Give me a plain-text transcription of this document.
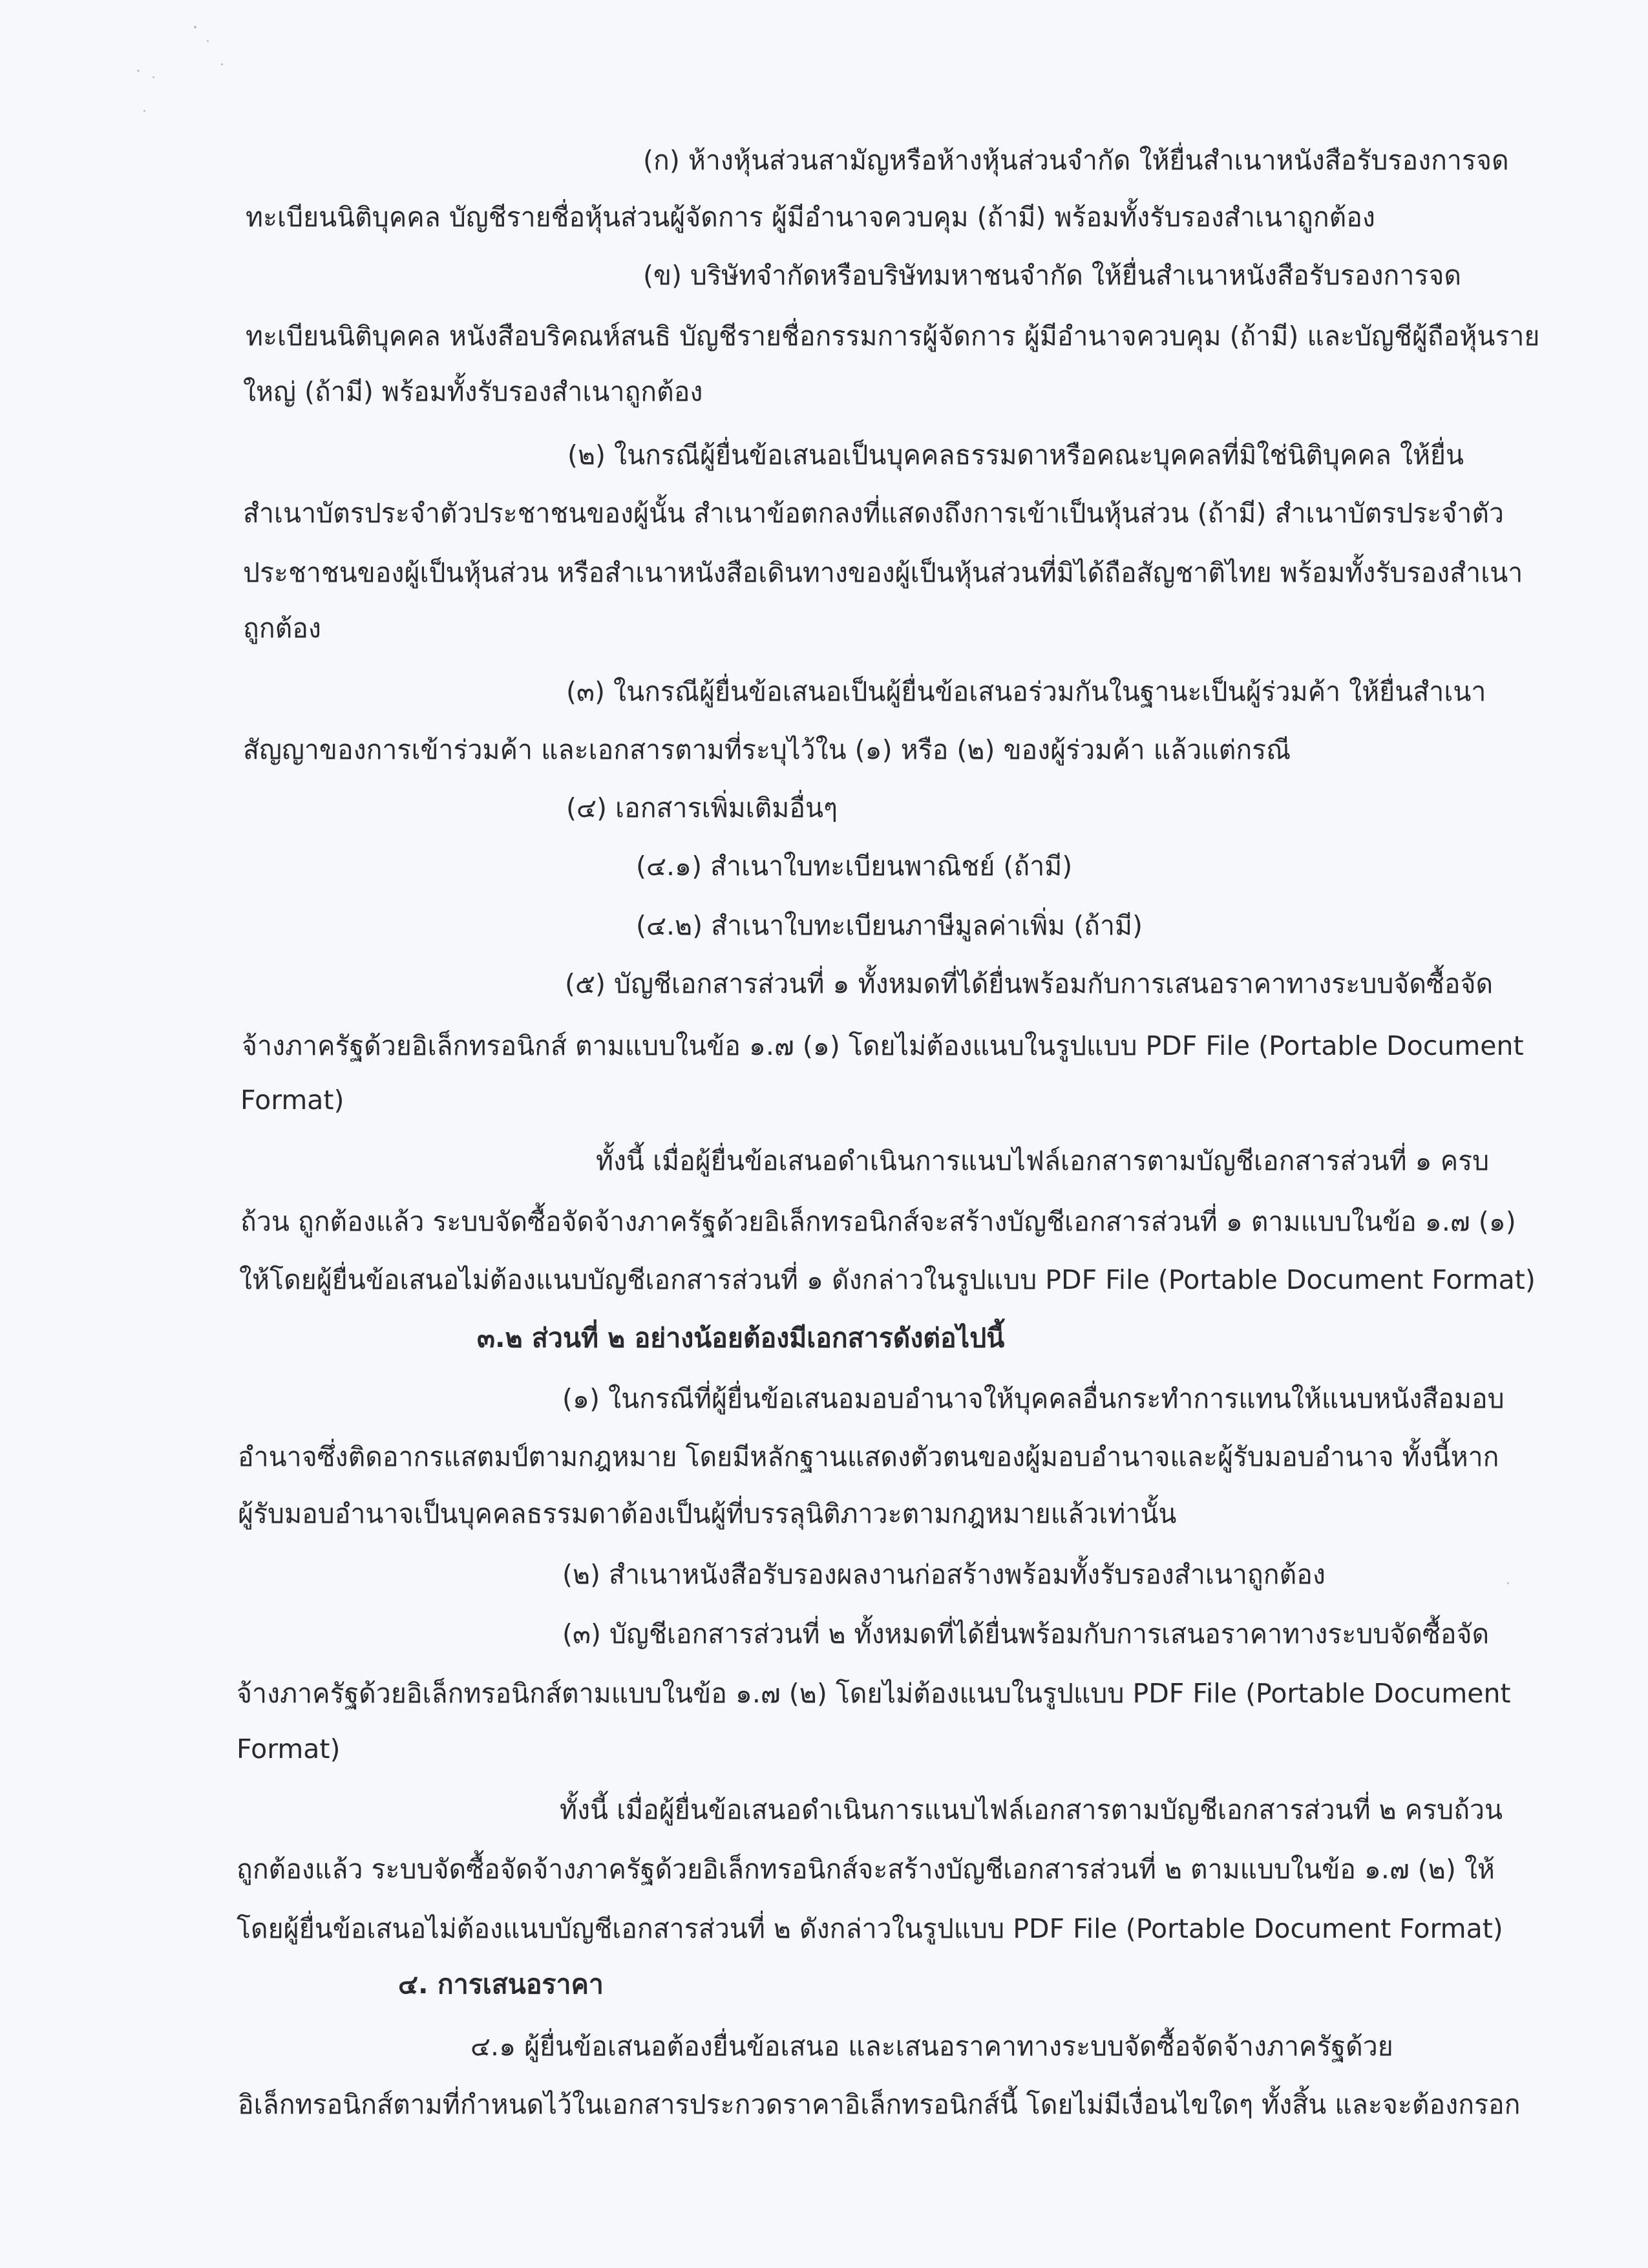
(ก) ห้างหุ้นส่วนสามัญหรือห้างหุ้นส่วนจำกัด ให้ยื่นสำเนาหนังสือรับรองการจด
ทะเบียนนิติบุคคล บัญชีรายชื่อหุ้นส่วนผู้จัดการ ผู้มีอำนาจควบคุม (ถ้ามี) พร้อมทั้งรับรองสำเนาถูกต้อง
(ข) บริษัทจำกัดหรือบริษัทมหาชนจำกัด ให้ยื่นสำเนาหนังสือรับรองการจด
ทะเบียนนิติบุคคล หนังสือบริคณห์สนธิ บัญชีรายชื่อกรรมการผู้จัดการ ผู้มีอำนาจควบคุม (ถ้ามี) และบัญชีผู้ถือหุ้นราย
ใหญ่ (ถ้ามี) พร้อมทั้งรับรองสำเนาถูกต้อง
(๒) ในกรณีผู้ยื่นข้อเสนอเป็นบุคคลธรรมดาหรือคณะบุคคลที่มิใช่นิติบุคคล ให้ยื่น
สำเนาบัตรประจำตัวประชาชนของผู้นั้น สำเนาข้อตกลงที่แสดงถึงการเข้าเป็นหุ้นส่วน (ถ้ามี) สำเนาบัตรประจำตัว
ประชาชนของผู้เป็นหุ้นส่วน หรือสำเนาหนังสือเดินทางของผู้เป็นหุ้นส่วนที่มิได้ถือสัญชาติไทย พร้อมทั้งรับรองสำเนา
ถูกต้อง
(๓) ในกรณีผู้ยื่นข้อเสนอเป็นผู้ยื่นข้อเสนอร่วมกันในฐานะเป็นผู้ร่วมค้า ให้ยื่นสำเนา
สัญญาของการเข้าร่วมค้า และเอกสารตามที่ระบุไว้ใน (๑) หรือ (๒) ของผู้ร่วมค้า แล้วแต่กรณี
(๔) เอกสารเพิ่มเติมอื่นๆ
(๔.๑) สำเนาใบทะเบียนพาณิชย์ (ถ้ามี)
(๔.๒) สำเนาใบทะเบียนภาษีมูลค่าเพิ่ม (ถ้ามี)
(๕) บัญชีเอกสารส่วนที่ ๑ ทั้งหมดที่ได้ยื่นพร้อมกับการเสนอราคาทางระบบจัดซื้อจัด
จ้างภาครัฐด้วยอิเล็กทรอนิกส์ ตามแบบในข้อ ๑.๗ (๑) โดยไม่ต้องแนบในรูปแบบ PDF File (Portable Document
Format)
ทั้งนี้ เมื่อผู้ยื่นข้อเสนอดำเนินการแนบไฟล์เอกสารตามบัญชีเอกสารส่วนที่ ๑ ครบ
ถ้วน ถูกต้องแล้ว ระบบจัดซื้อจัดจ้างภาครัฐด้วยอิเล็กทรอนิกส์จะสร้างบัญชีเอกสารส่วนที่ ๑ ตามแบบในข้อ ๑.๗ (๑)
ให้โดยผู้ยื่นข้อเสนอไม่ต้องแนบบัญชีเอกสารส่วนที่ ๑ ดังกล่าวในรูปแบบ PDF File (Portable Document Format)
๓.๒ ส่วนที่ ๒ อย่างน้อยต้องมีเอกสารดังต่อไปนี้
(๑) ในกรณีที่ผู้ยื่นข้อเสนอมอบอำนาจให้บุคคลอื่นกระทำการแทนให้แนบหนังสือมอบ
อำนาจซึ่งติดอากรแสตมป์ตามกฎหมาย โดยมีหลักฐานแสดงตัวตนของผู้มอบอำนาจและผู้รับมอบอำนาจ ทั้งนี้หาก
ผู้รับมอบอำนาจเป็นบุคคลธรรมดาต้องเป็นผู้ที่บรรลุนิติภาวะตามกฎหมายแล้วเท่านั้น
(๒) สำเนาหนังสือรับรองผลงานก่อสร้างพร้อมทั้งรับรองสำเนาถูกต้อง
(๓) บัญชีเอกสารส่วนที่ ๒ ทั้งหมดที่ได้ยื่นพร้อมกับการเสนอราคาทางระบบจัดซื้อจัด
จ้างภาครัฐด้วยอิเล็กทรอนิกส์ตามแบบในข้อ ๑.๗ (๒) โดยไม่ต้องแนบในรูปแบบ PDF File (Portable Document
Format)
ทั้งนี้ เมื่อผู้ยื่นข้อเสนอดำเนินการแนบไฟล์เอกสารตามบัญชีเอกสารส่วนที่ ๒ ครบถ้วน
ถูกต้องแล้ว ระบบจัดซื้อจัดจ้างภาครัฐด้วยอิเล็กทรอนิกส์จะสร้างบัญชีเอกสารส่วนที่ ๒ ตามแบบในข้อ ๑.๗ (๒) ให้
โดยผู้ยื่นข้อเสนอไม่ต้องแนบบัญชีเอกสารส่วนที่ ๒ ดังกล่าวในรูปแบบ PDF File (Portable Document Format)
๔. การเสนอราคา
๔.๑ ผู้ยื่นข้อเสนอต้องยื่นข้อเสนอ และเสนอราคาทางระบบจัดซื้อจัดจ้างภาครัฐด้วย
อิเล็กทรอนิกส์ตามที่กำหนดไว้ในเอกสารประกวดราคาอิเล็กทรอนิกส์นี้ โดยไม่มีเงื่อนไขใดๆ ทั้งสิ้น และจะต้องกรอก
